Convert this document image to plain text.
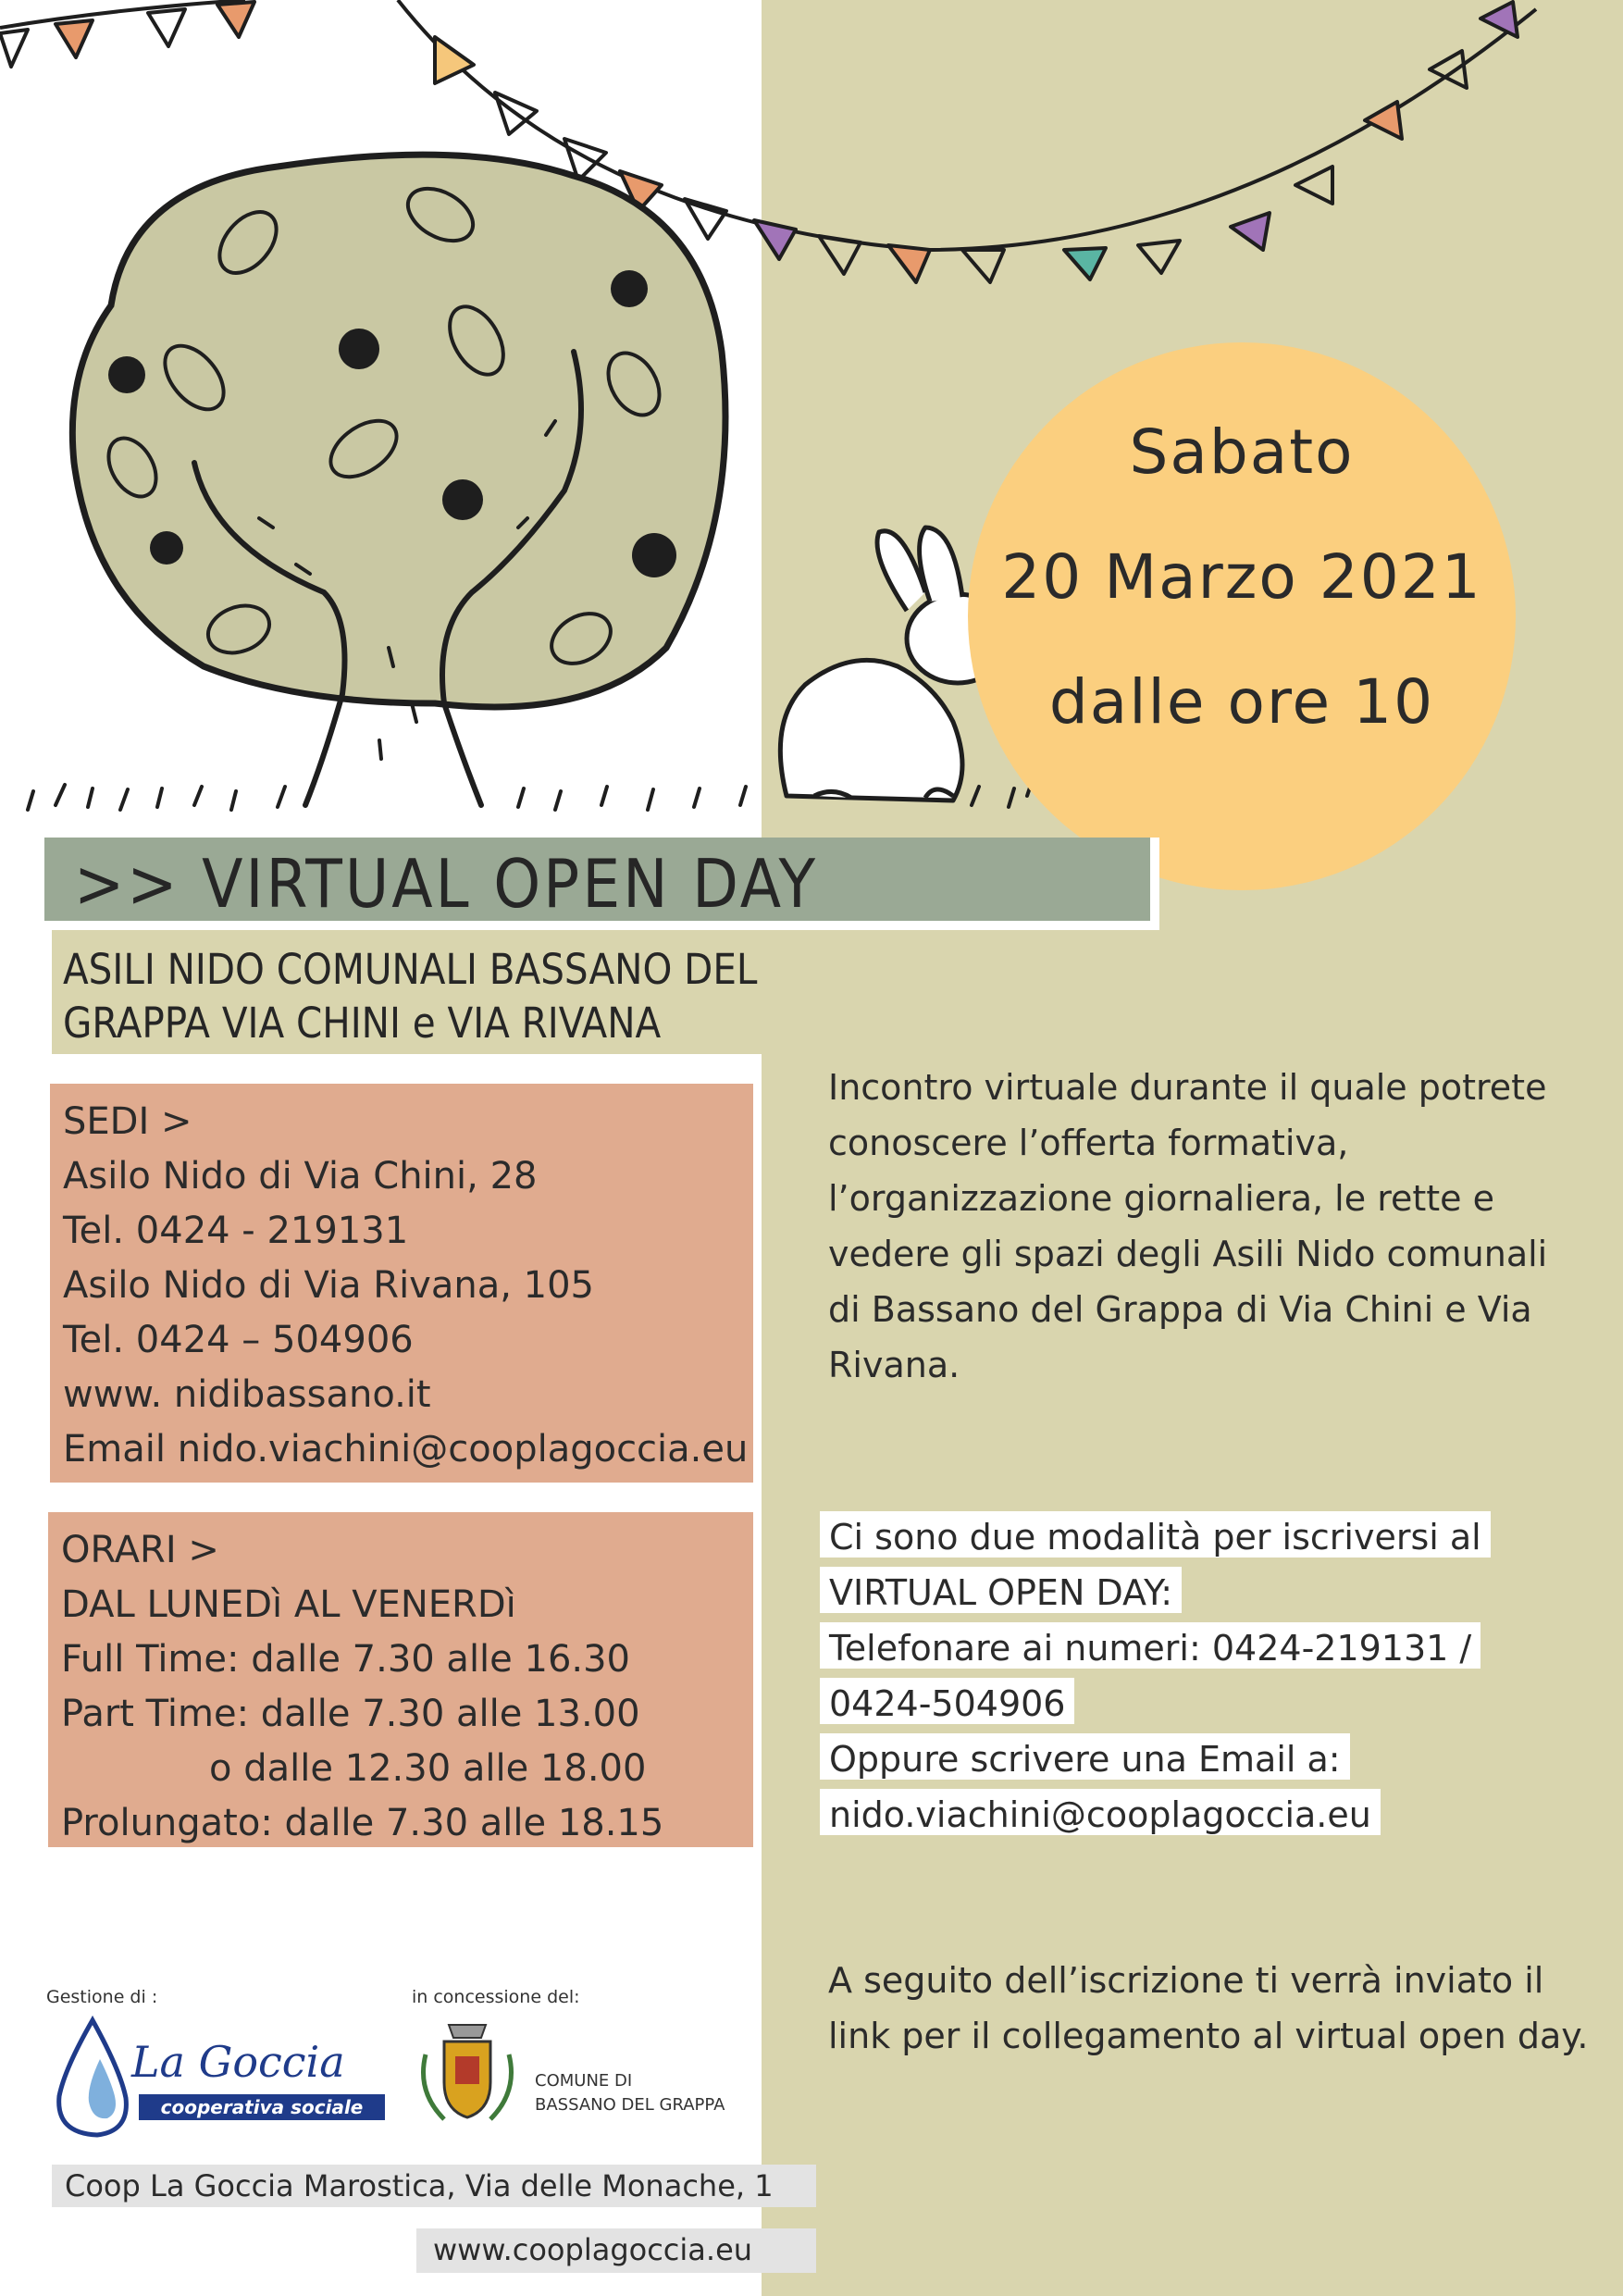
Sabato
20 Marzo 2021
dalle ore 10
>> VIRTUAL OPEN DAY
ASILI NIDO COMUNALI BASSANO DEL
GRAPPA VIA CHINI e VIA RIVANA
SEDI >
Asilo Nido di Via Chini, 28
Tel. 0424 - 219131
Asilo Nido di Via Rivana, 105
Tel. 0424 – 504906
www. nidibassano.it
Email nido.viachini@cooplagoccia.eu
ORARI >
DAL LUNEDì AL VENERDì
Full Time: dalle 7.30 alle 16.30
Part Time: dalle 7.30 alle 13.00
o dalle 12.30 alle 18.00
Prolungato: dalle 7.30 alle 18.15
Incontro virtuale durante il quale potrete
conoscere l’offerta formativa,
l’organizzazione giornaliera, le rette e
vedere gli spazi degli Asili Nido comunali
di Bassano del Grappa di Via Chini e Via
Rivana.
Ci sono due modalità per iscriversi al
VIRTUAL OPEN DAY:
Telefonare ai numeri: 0424-219131 /
0424-504906
Oppure scrivere una Email a:
nido.viachini@cooplagoccia.eu
A seguito dell’iscrizione ti verrà inviato il
link per il collegamento al virtual open day.
Gestione di :	in concessione del:
La Goccia
cooperativa sociale
COMUNE DI
BASSANO DEL GRAPPA
Coop La Goccia Marostica, Via delle Monache, 1
www.cooplagoccia.eu
